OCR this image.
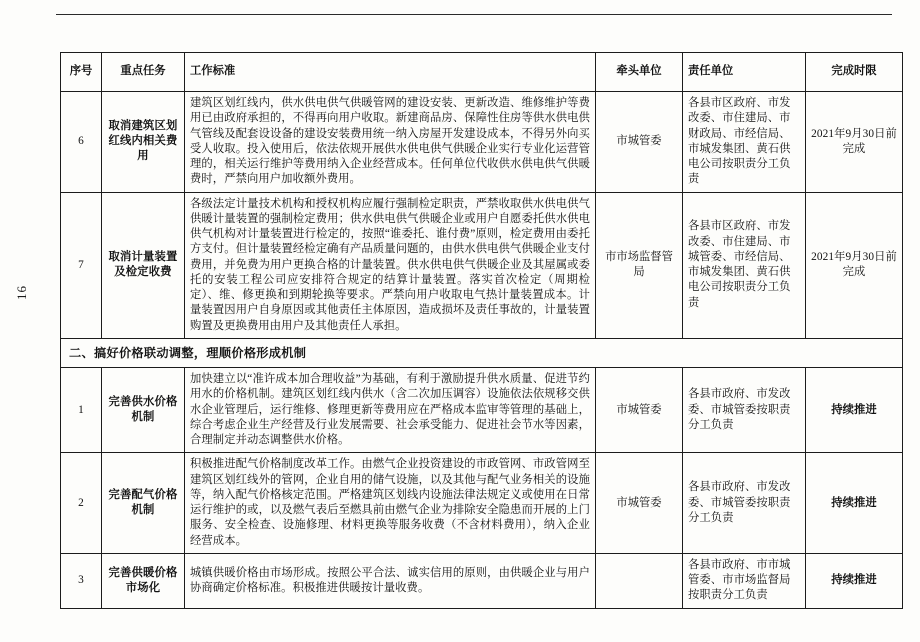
16
序号	重点任务	工作标准	牵头单位	责任单位	完成时限
6	取消建筑区划红线内相关费用	建筑区划红线内，供水供电供气供暖管网的建设安装、更新改造、维修维护等费用已由政府承担的，不得再向用户收取。新建商品房、保障性住房等供水供电供气管线及配套设设备的建设安装费用统一纳入房屋开发建设成本，不得另外向买受人收取。投入使用后，依法依规开展供水供电供气供暖企业实行专业化运营管理的，相关运行维护等费用纳入企业经营成本。任何单位代收供水供电供气供暖费时，严禁向用户加收额外费用。	市城管委	各县市区政府、市发改委、市住建局、市财政局、市经信局、市城发集团、黄石供电公司按职责分工负责	2021年9月30日前完成
7	取消计量装置及检定收费	各级法定计量技术机构和授权机构应履行强制检定职责，严禁收取供水供电供气供暖计量装置的强制检定费用；供水供电供气供暖企业或用户自愿委托供水供电供气机构对计量装置进行检定的，按照“谁委托、谁付费”原则，检定费用由委托方支付。但计量装置经检定确有产品质量问题的，由供水供电供气供暖企业支付费用，并免费为用户更换合格的计量装置。供水供电供气供暖企业及其屋属或委托的安装工程公司应安排符合规定的结算计量装置。落实首次检定（周期检定）、维、修更换和到期轮换等要求。严禁向用户收取电气热计量装置成本。计量装置因用户自身原因或其他责任主体原因，造成损坏及责任事故的，计量装置购置及更换费用由用户及其他责任人承担。	市市场监督管局	各县市区政府、市发改委、市住建局、市城管委、市经信局、市城发集团、黄石供电公司按职责分工负责	2021年9月30日前完成
二、搞好价格联动调整，理顺价格形成机制					
1	完善供水价格机制	加快建立以“准许成本加合理收益”为基础，有利于激励提升供水质量、促进节约用水的价格机制。建筑区划红线内供水（含二次加压调容）设施依法依规移交供水企业管理后，运行维修、修理更新等费用应在严格成本监审等管理的基础上，综合考虑企业生产经营及行业发展需要、社会承受能力、促进社会节水等因素，合理制定并动态调整供水价格。	市城管委	各县市政府、市发改委、市城管委按职责分工负责	持续推进
2	完善配气价格机制	积极推进配气价格制度改革工作。由燃气企业投资建设的市政管网、市政管网至建筑区划红线外的管网，企业自用的储气设施，以及其他与配气业务相关的设施等，纳入配气价格核定范围。严格建筑区划线内设施法律法规定义或使用在日常运行维护的或，以及燃气表后至燃具前由燃气企业为排除安全隐患而开展的上门服务、安全检查、设施修理、材料更换等服务收费（不含材料费用），纳入企业经营成本。	市城管委	各县市政府、市发改委、市城管委按职责分工负责	持续推进
3	完善供暖价格市场化	城镇供暖价格由市场形成。按照公平合法、诚实信用的原则，由供暖企业与用户协商确定价格标准。积极推进供暖按计量收费。		各县市政府、市市城管委、市市场监督局按职责分工负责	持续推进
